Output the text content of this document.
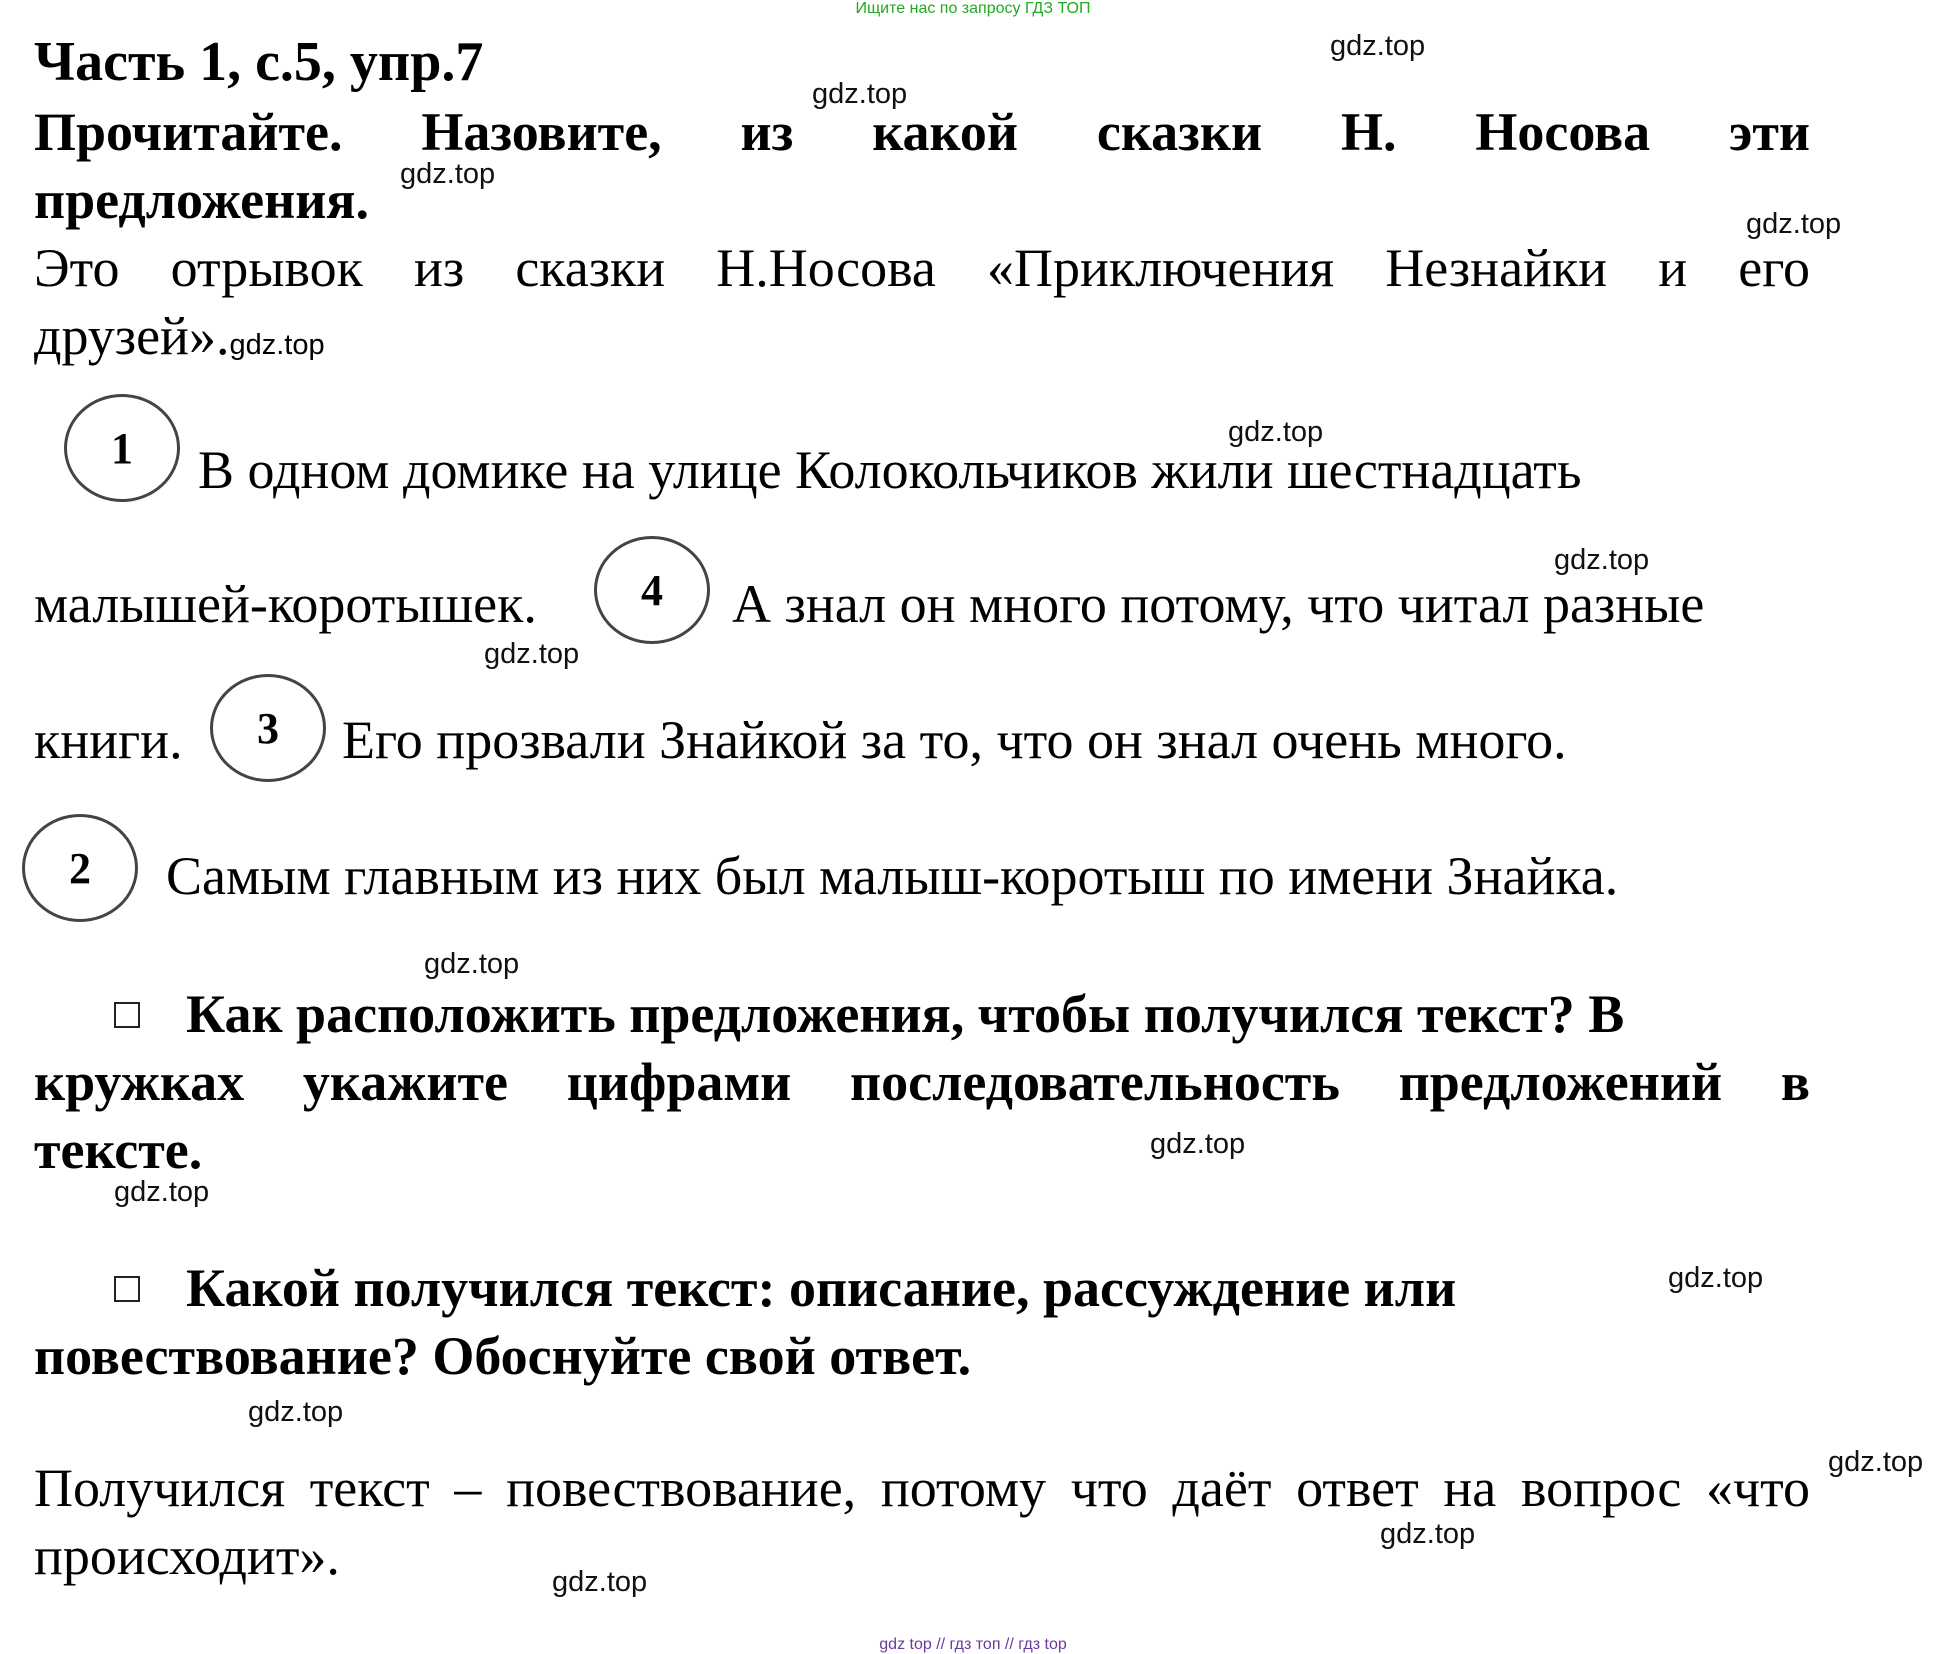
Ищите нас по запросу ГДЗ ТОП
gdz top // гдз топ // гдз top
Часть 1, с.5, упр.7
Прочитайте. Назовите, из какой сказки Н. Носова эти
предложения.
Это отрывок из сказки Н.Носова «Приключения Незнайки и его
друзей».gdz.top
1	В одном домике на улице Колокольчиков жили шестнадцать
малышей-коротышек.	4	А знал он много потому, что читал разные
книги.	3	Его прозвали Знайкой за то, что он знал очень много.
2	Самым главным из них был малыш-коротыш по имени Знайка.
Как расположить предложения, чтобы получился текст? В
кружках укажите цифрами последовательность предложений в
тексте.
Какой получился текст: описание, рассуждение или
повествование? Обоснуйте свой ответ.
Получился текст – повествование, потому что даёт ответ на вопрос «что
происходит».
gdz.top
gdz.top
gdz.top
gdz.top
gdz.top
gdz.top
gdz.top
gdz.top
gdz.top
gdz.top
gdz.top
gdz.top
gdz.top
gdz.top
gdz.top
